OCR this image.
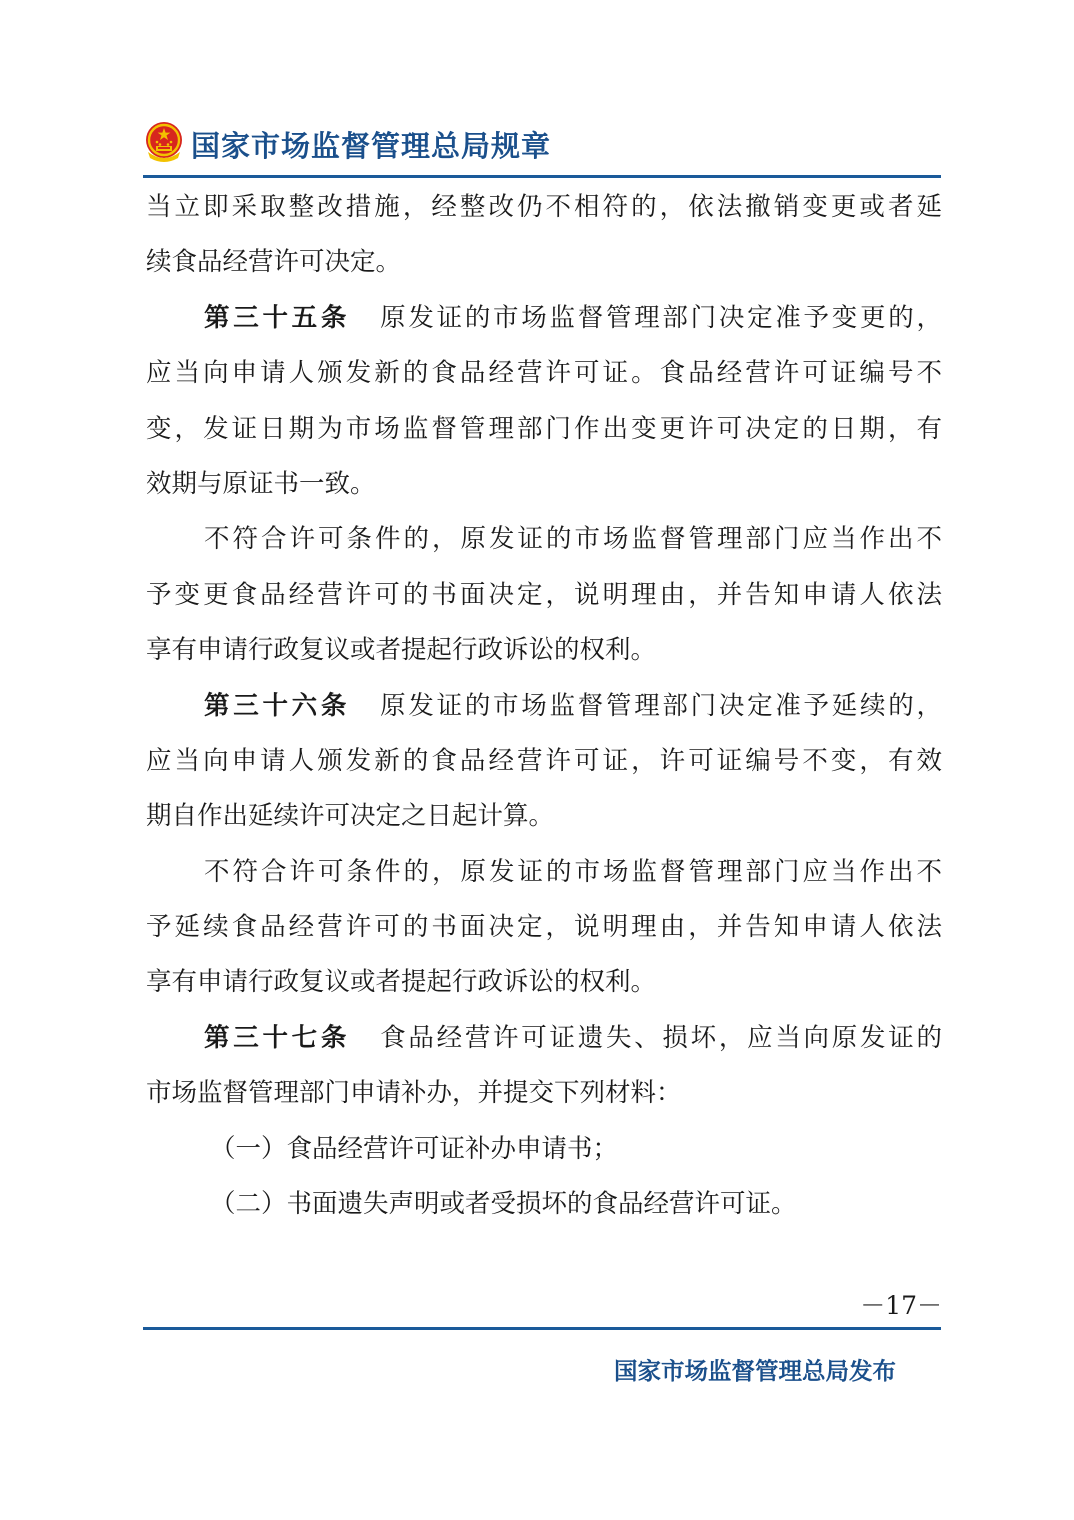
国家市场监督管理总局规章
当立即采取整改措施，经整改仍不相符的，依法撤销变更或者延
续食品经营许可决定。
第三十五条 原发证的市场监督管理部门决定准予变更的，
应当向申请人颁发新的食品经营许可证。食品经营许可证编号不
变，发证日期为市场监督管理部门作出变更许可决定的日期，有
效期与原证书一致。
不符合许可条件的，原发证的市场监督管理部门应当作出不
予变更食品经营许可的书面决定，说明理由，并告知申请人依法
享有申请行政复议或者提起行政诉讼的权利。
第三十六条 原发证的市场监督管理部门决定准予延续的，
应当向申请人颁发新的食品经营许可证，许可证编号不变，有效
期自作出延续许可决定之日起计算。
不符合许可条件的，原发证的市场监督管理部门应当作出不
予延续食品经营许可的书面决定，说明理由，并告知申请人依法
享有申请行政复议或者提起行政诉讼的权利。
第三十七条 食品经营许可证遗失、损坏，应当向原发证的
市场监督管理部门申请补办，并提交下列材料：
（一）食品经营许可证补办申请书；
（二）书面遗失声明或者受损坏的食品经营许可证。
－17－
国家市场监督管理总局发布
